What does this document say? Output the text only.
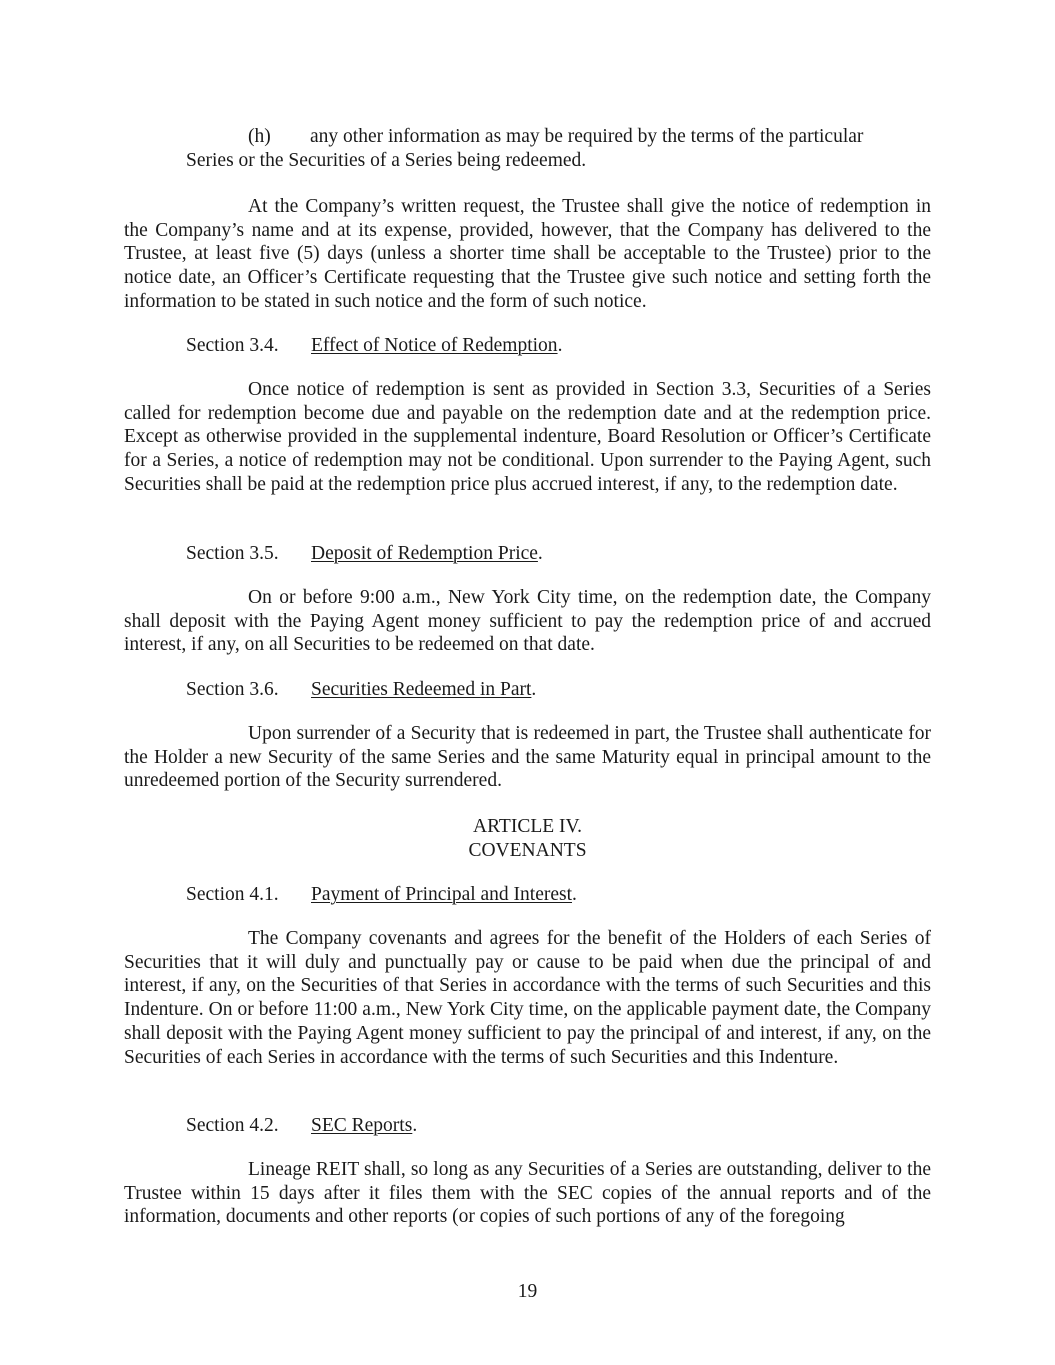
(h) any other information as may be required by the terms of the particular
Series or the Securities of a Series being redeemed.

At the Company’s written request, the Trustee shall give the notice of redemption in the Company’s name and at its expense, provided, however, that the Company has delivered to the Trustee, at least five (5) days (unless a shorter time shall be acceptable to the Trustee) prior to the notice date, an Officer’s Certificate requesting that the Trustee give such notice and setting forth the information to be stated in such notice and the form of such notice.

Section 3.4. Effect of Notice of Redemption.

Once notice of redemption is sent as provided in Section 3.3, Securities of a Series called for redemption become due and payable on the redemption date and at the redemption price. Except as otherwise provided in the supplemental indenture, Board Resolution or Officer’s Certificate for a Series, a notice of redemption may not be conditional. Upon surrender to the Paying Agent, such Securities shall be paid at the redemption price plus accrued interest, if any, to the redemption date.

Section 3.5. Deposit of Redemption Price.

On or before 9:00 a.m., New York City time, on the redemption date, the Company shall deposit with the Paying Agent money sufficient to pay the redemption price of and accrued interest, if any, on all Securities to be redeemed on that date.

Section 3.6. Securities Redeemed in Part.

Upon surrender of a Security that is redeemed in part, the Trustee shall authenticate for the Holder a new Security of the same Series and the same Maturity equal in principal amount to the unredeemed portion of the Security surrendered.

ARTICLE IV.

COVENANTS

Section 4.1. Payment of Principal and Interest.

The Company covenants and agrees for the benefit of the Holders of each Series of Securities that it will duly and punctually pay or cause to be paid when due the principal of and interest, if any, on the Securities of that Series in accordance with the terms of such Securities and this Indenture. On or before 11:00 a.m., New York City time, on the applicable payment date, the Company shall deposit with the Paying Agent money sufficient to pay the principal of and interest, if any, on the Securities of each Series in accordance with the terms of such Securities and this Indenture.

Section 4.2. SEC Reports.

Lineage REIT shall, so long as any Securities of a Series are outstanding, deliver to the Trustee within 15 days after it files them with the SEC copies of the annual reports and of the information, documents and other reports (or copies of such portions of any of the foregoing

19
